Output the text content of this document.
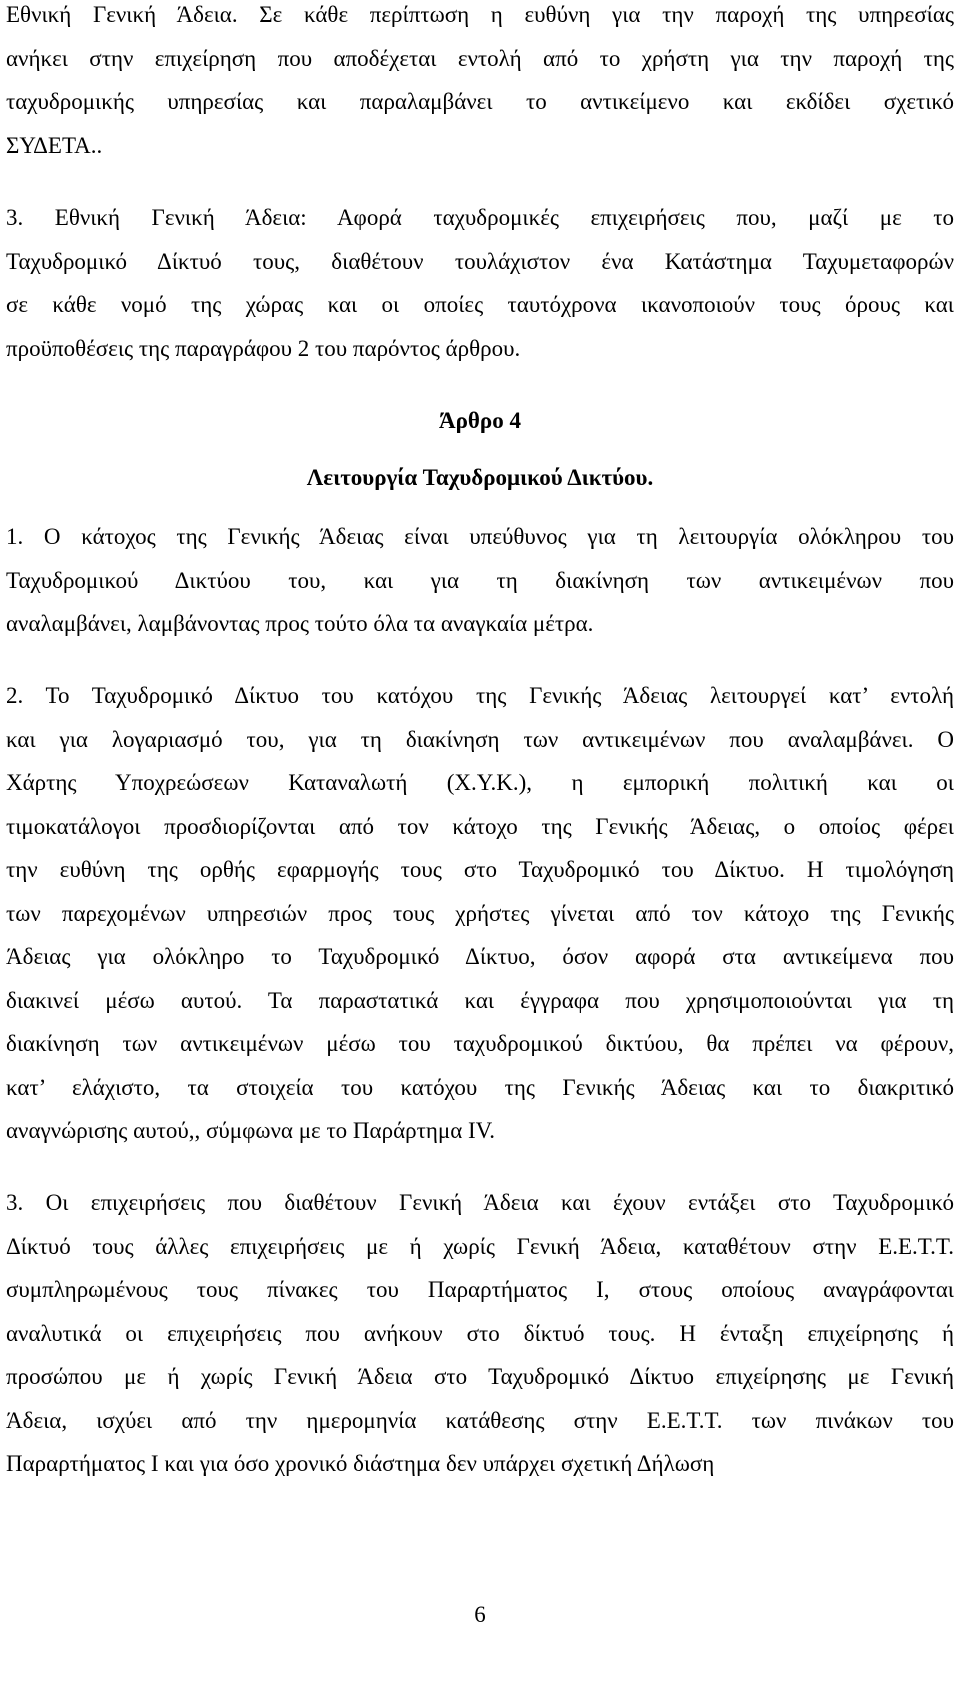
Εθνική Γενική Άδεια. Σε κάθε περίπτωση η ευθύνη για την παροχή της υπηρεσίας
ανήκει στην επιχείρηση που αποδέχεται εντολή από το χρήστη για την παροχή της
ταχυδρομικής υπηρεσίας και παραλαμβάνει το αντικείμενο και εκδίδει σχετικό
ΣΥΔΕΤΑ..
3. Εθνική Γενική Άδεια: Αφορά ταχυδρομικές επιχειρήσεις που, μαζί με το
Ταχυδρομικό Δίκτυό τους, διαθέτουν τουλάχιστον ένα Κατάστημα Ταχυμεταφορών
σε κάθε νομό της χώρας και οι οποίες ταυτόχρονα ικανοποιούν τους όρους και
προϋποθέσεις της παραγράφου 2 του παρόντος άρθρου.
Άρθρο 4
Λειτουργία Ταχυδρομικού Δικτύου.
1. Ο κάτοχος της Γενικής Άδειας είναι υπεύθυνος για τη λειτουργία ολόκληρου του
Ταχυδρομικού Δικτύου του, και για τη διακίνηση των αντικειμένων που
αναλαμβάνει, λαμβάνοντας προς τούτο όλα τα αναγκαία μέτρα.
2. Το Ταχυδρομικό Δίκτυο του κατόχου της Γενικής Άδειας λειτουργεί κατ’ εντολή
και για λογαριασμό του, για τη διακίνηση των αντικειμένων που αναλαμβάνει. Ο
Χάρτης Υποχρεώσεων Καταναλωτή (Χ.Υ.Κ.), η εμπορική πολιτική και οι
τιμοκατάλογοι προσδιορίζονται από τον κάτοχο της Γενικής Άδειας, ο οποίος φέρει
την ευθύνη της ορθής εφαρμογής τους στο Ταχυδρομικό του Δίκτυο. Η τιμολόγηση
των παρεχομένων υπηρεσιών προς τους χρήστες γίνεται από τον κάτοχο της Γενικής
Άδειας για ολόκληρο το Ταχυδρομικό Δίκτυο, όσον αφορά στα αντικείμενα που
διακινεί μέσω αυτού. Τα παραστατικά και έγγραφα που χρησιμοποιούνται για τη
διακίνηση των αντικειμένων μέσω του ταχυδρομικού δικτύου, θα πρέπει να φέρουν,
κατ’ ελάχιστο, τα στοιχεία του κατόχου της Γενικής Άδειας και το διακριτικό
αναγνώρισης αυτού,, σύμφωνα με το Παράρτημα IV.
3. Οι επιχειρήσεις που διαθέτουν Γενική Άδεια και έχουν εντάξει στο Ταχυδρομικό
Δίκτυό τους άλλες επιχειρήσεις με ή χωρίς Γενική Άδεια, καταθέτουν στην Ε.Ε.Τ.Τ.
συμπληρωμένους τους πίνακες του Παραρτήματος Ι, στους οποίους αναγράφονται
αναλυτικά οι επιχειρήσεις που ανήκουν στο δίκτυό τους. Η ένταξη επιχείρησης ή
προσώπου με ή χωρίς Γενική Άδεια στο Ταχυδρομικό Δίκτυο επιχείρησης με Γενική
Άδεια, ισχύει από την ημερομηνία κατάθεσης στην Ε.Ε.Τ.Τ. των πινάκων του
Παραρτήματος Ι και για όσο χρονικό διάστημα δεν υπάρχει σχετική Δήλωση
6
